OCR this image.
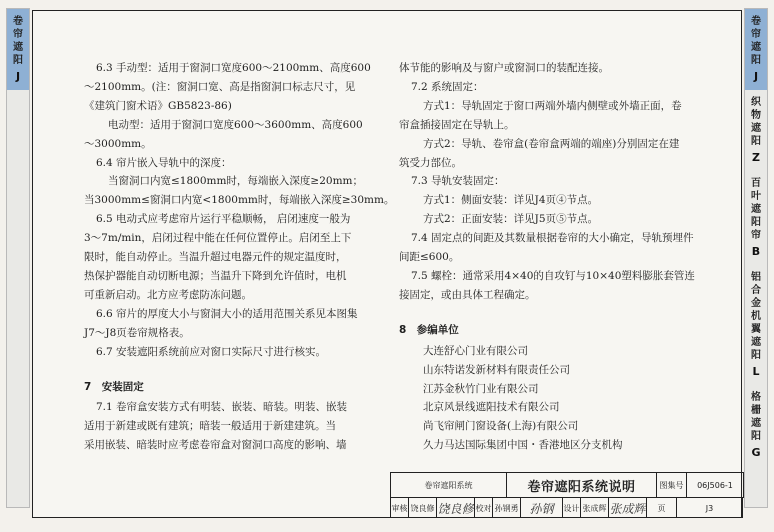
卷
帘
遮
阳
J
卷
帘
遮
阳
J
织
物
遮
阳
Z
百
叶
遮
阳
帘
B
铝
合
金
机
翼
遮
阳
L
格
栅
遮
阳
G
6.3 手动型：适用于窗洞口宽度600～2100mm、高度600
～2100mm。(注：窗洞口宽、高是指窗洞口标志尺寸，见
《建筑门窗术语》GB5823-86)
电动型：适用于窗洞口宽度600～3600mm、高度600
～3000mm。
6.4 帘片嵌入导轨中的深度：
当窗洞口内宽≤1800mm时，每端嵌入深度≥20mm；
当3000mm≤窗洞口内宽<1800mm时，每端嵌入深度≥30mm。
6.5 电动式应考虑帘片运行平稳顺畅， 启闭速度一般为
3～7m/min，启闭过程中能在任何位置停止。启闭至上下
限时，能自动停止。当温升超过电器元件的规定温度时，
热保护器能自动切断电源；当温升下降到允许值时，电机
可重新启动。北方应考虑防冻问题。
6.6 帘片的厚度大小与窗洞大小的适用范围关系见本图集
J7～J8页卷帘规格表。
6.7 安装遮阳系统前应对窗口实际尺寸进行核实。
7　安装固定
7.1 卷帘盒安装方式有明装、嵌装、暗装。明装、嵌装
适用于新建或既有建筑；暗装一般适用于新建建筑。当
采用嵌装、暗装时应考虑卷帘盒对窗洞口高度的影响、墙
体节能的影响及与窗户或窗洞口的装配连接。
7.2 系统固定：
方式1：导轨固定于窗口两端外墙内侧壁或外墙正面，卷
帘盒插接固定在导轨上。
方式2：导轨、卷帘盒(卷帘盒两端的端座)分别固定在建
筑受力部位。
7.3 导轨安装固定：
方式1：侧面安装：详见J4页④节点。
方式2：正面安装：详见J5页⑤节点。
7.4 固定点的间距及其数量根据卷帘的大小确定，导轨预埋件
间距≤600。
7.5 螺栓：通常采用4×40的自攻钉与10×40塑料膨胀套管连
接固定，或由具体工程确定。
8　参编单位
大连舒心门业有限公司
山东特诺发新材料有限责任公司
江苏金秋竹门业有限公司
北京风景线遮阳技术有限公司
尚飞帘闸门窗设备(上海)有限公司
久力马达国际集团中国・香港地区分支机构
卷帘遮阳系统	卷帘遮阳系统说明	图集号	06J506-1
审核 饶良修 饶良修 校对 孙钢勇 孙钢 设计 张成辉 张成辉	页	J3
